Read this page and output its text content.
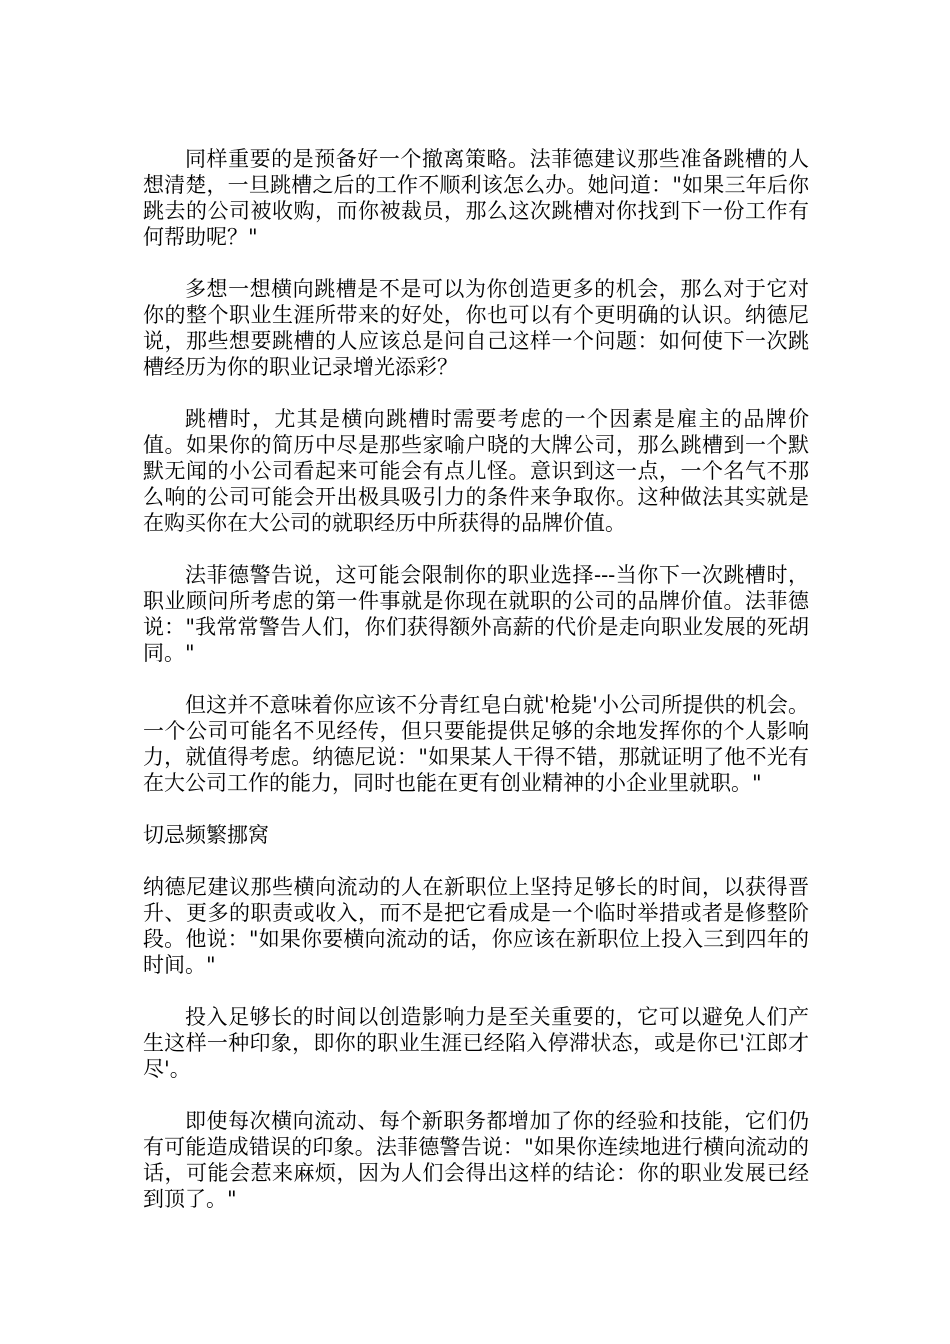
同样重要的是预备好一个撤离策略。法菲德建议那些准备跳槽的人想清楚，一旦跳槽之后的工作不顺利该怎么办。她问道："如果三年后你跳去的公司被收购，而你被裁员，那么这次跳槽对你找到下一份工作有何帮助呢？"

多想一想横向跳槽是不是可以为你创造更多的机会，那么对于它对你的整个职业生涯所带来的好处，你也可以有个更明确的认识。纳德尼说，那些想要跳槽的人应该总是问自己这样一个问题：如何使下一次跳槽经历为你的职业记录增光添彩？

跳槽时，尤其是横向跳槽时需要考虑的一个因素是雇主的品牌价值。如果你的简历中尽是那些家喻户晓的大牌公司，那么跳槽到一个默默无闻的小公司看起来可能会有点儿怪。意识到这一点，一个名气不那么响的公司可能会开出极具吸引力的条件来争取你。这种做法其实就是在购买你在大公司的就职经历中所获得的品牌价值。

法菲德警告说，这可能会限制你的职业选择---当你下一次跳槽时，职业顾问所考虑的第一件事就是你现在就职的公司的品牌价值。法菲德说："我常常警告人们，你们获得额外高薪的代价是走向职业发展的死胡同。"

但这并不意味着你应该不分青红皂白就'枪毙'小公司所提供的机会。一个公司可能名不见经传，但只要能提供足够的余地发挥你的个人影响力，就值得考虑。纳德尼说："如果某人干得不错，那就证明了他不光有在大公司工作的能力，同时也能在更有创业精神的小企业里就职。"

切忌频繁挪窝

纳德尼建议那些横向流动的人在新职位上坚持足够长的时间，以获得晋升、更多的职责或收入，而不是把它看成是一个临时举措或者是修整阶段。他说："如果你要横向流动的话，你应该在新职位上投入三到四年的时间。"

投入足够长的时间以创造影响力是至关重要的，它可以避免人们产生这样一种印象，即你的职业生涯已经陷入停滞状态，或是你已'江郎才尽'。

即使每次横向流动、每个新职务都增加了你的经验和技能，它们仍有可能造成错误的印象。法菲德警告说："如果你连续地进行横向流动的话，可能会惹来麻烦，因为人们会得出这样的结论：你的职业发展已经到顶了。"
